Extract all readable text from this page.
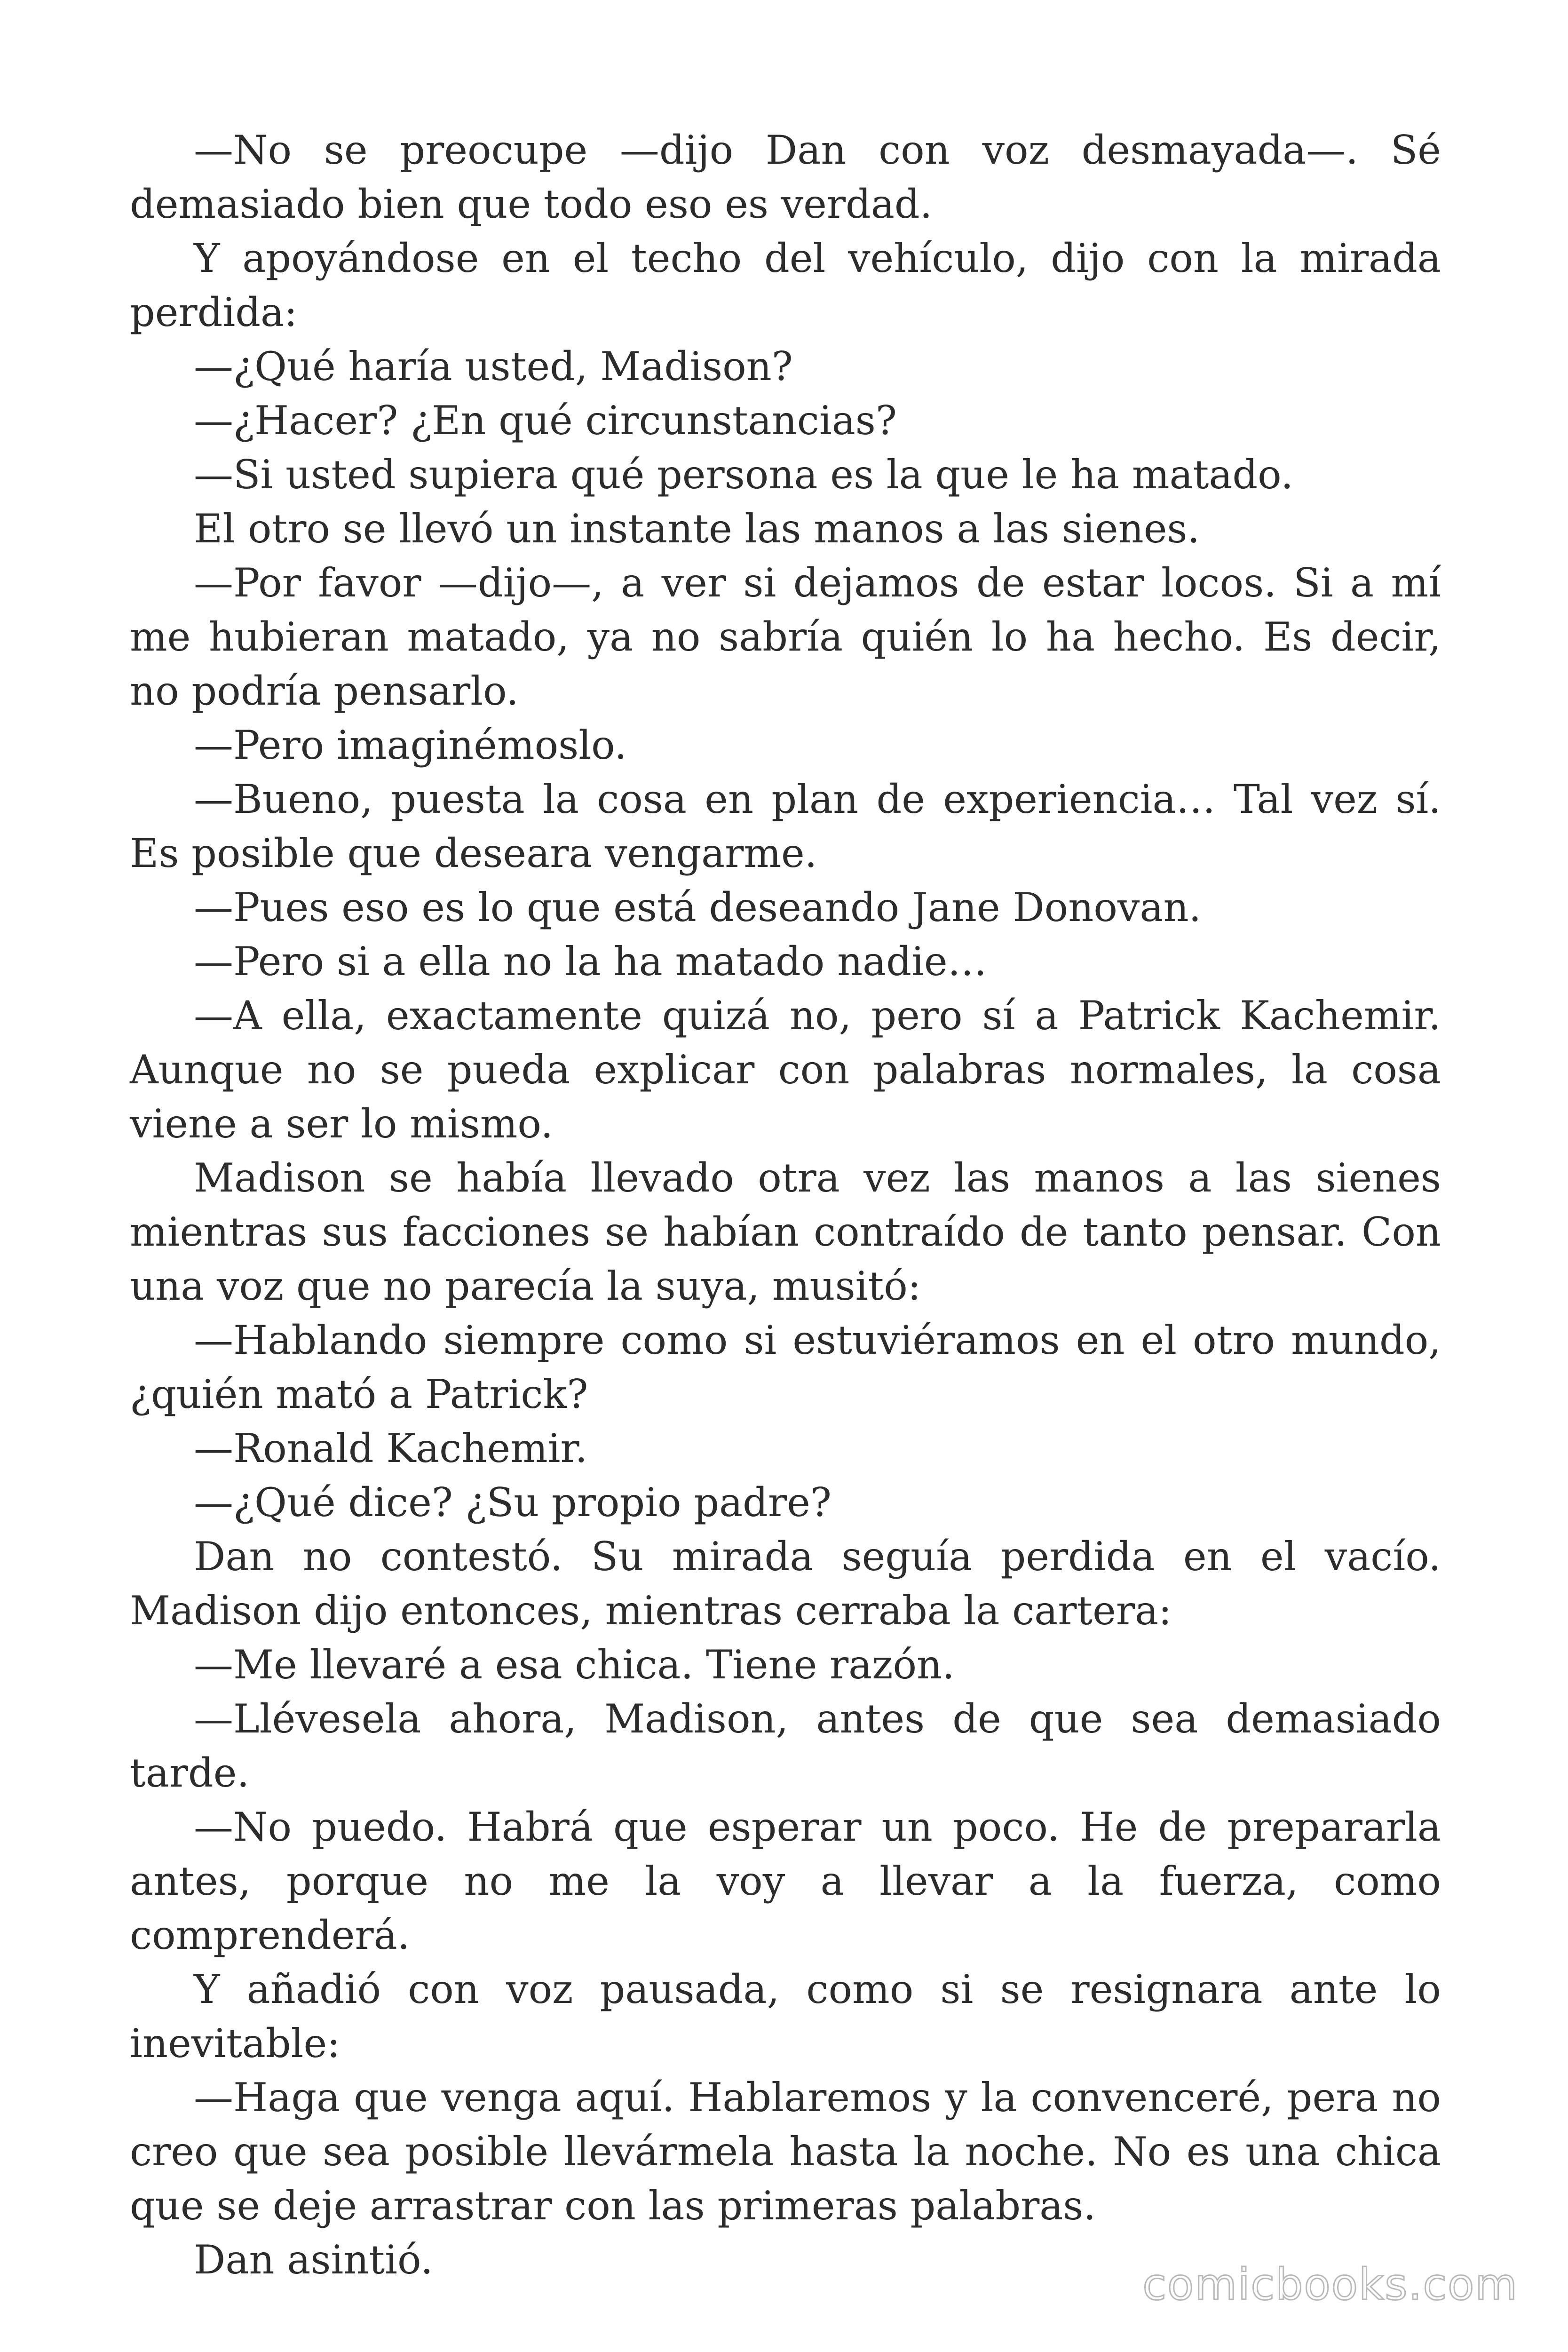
—No se preocupe —dijo Dan con voz desmayada—. Sé demasiado bien que todo eso es verdad.

Y apoyándose en el techo del vehículo, dijo con la mirada perdida:

—¿Qué haría usted, Madison?

—¿Hacer? ¿En qué circunstancias?

—Si usted supiera qué persona es la que le ha matado.

El otro se llevó un instante las manos a las sienes.

—Por favor —dijo—, a ver si dejamos de estar locos. Si a mí me hubieran matado, ya no sabría quién lo ha hecho. Es decir, no podría pensarlo.

—Pero imaginémoslo.

—Bueno, puesta la cosa en plan de experiencia… Tal vez sí. Es posible que deseara vengarme.

—Pues eso es lo que está deseando Jane Donovan.

—Pero si a ella no la ha matado nadie…

—A ella, exactamente quizá no, pero sí a Patrick Kachemir. Aunque no se pueda explicar con palabras normales, la cosa viene a ser lo mismo.

Madison se había llevado otra vez las manos a las sienes mientras sus facciones se habían contraído de tanto pensar. Con una voz que no parecía la suya, musitó:

—Hablando siempre como si estuviéramos en el otro mundo, ¿quién mató a Patrick?

—Ronald Kachemir.

—¿Qué dice? ¿Su propio padre?

Dan no contestó. Su mirada seguía perdida en el vacío. Madison dijo entonces, mientras cerraba la cartera:

—Me llevaré a esa chica. Tiene razón.

—Llévesela ahora, Madison, antes de que sea demasiado tarde.

—No puedo. Habrá que esperar un poco. He de prepararla antes, porque no me la voy a llevar a la fuerza, como comprenderá.

Y añadió con voz pausada, como si se resignara ante lo inevitable:

—Haga que venga aquí. Hablaremos y la convenceré, pera no creo que sea posible llevármela hasta la noche. No es una chica que se deje arrastrar con las primeras palabras.

Dan asintió.	comicbooks.com
